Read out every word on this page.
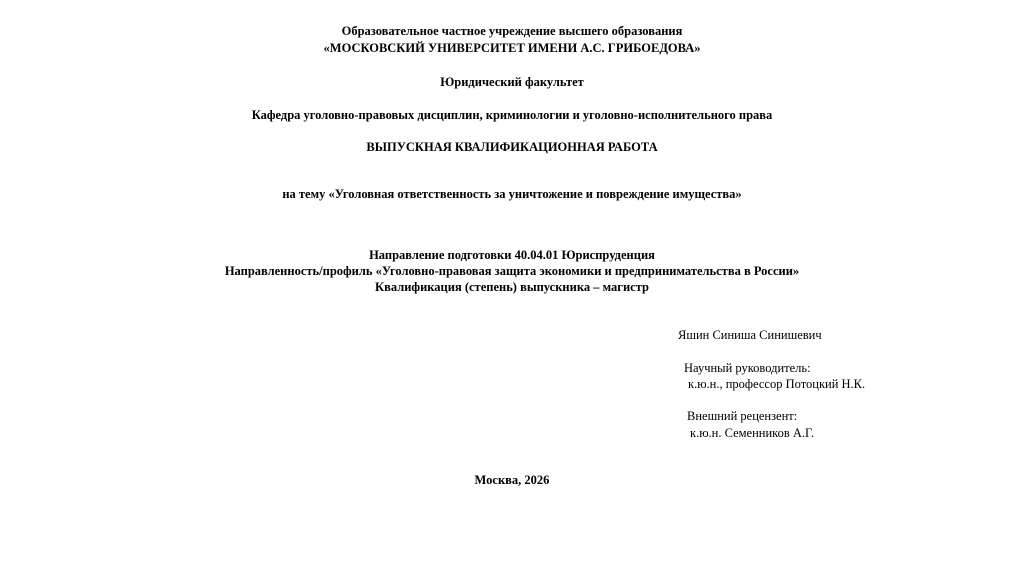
Образовательное частное учреждение высшего образования
«МОСКОВСКИЙ УНИВЕРСИТЕТ ИМЕНИ А.С. ГРИБОЕДОВА»
Юридический факультет
Кафедра уголовно-правовых дисциплин, криминологии и уголовно-исполнительного права
ВЫПУСКНАЯ КВАЛИФИКАЦИОННАЯ РАБОТА
на тему «Уголовная ответственность за уничтожение и повреждение имущества»
Направление подготовки 40.04.01 Юриспруденция
Направленность/профиль «Уголовно-правовая защита экономики и предпринимательства в России»
Квалификация (степень) выпускника – магистр
Яшин Синиша Синишевич
Научный руководитель:
к.ю.н., профессор Потоцкий Н.К.
Внешний рецензент:
к.ю.н. Семенников А.Г.
Москва, 2026
